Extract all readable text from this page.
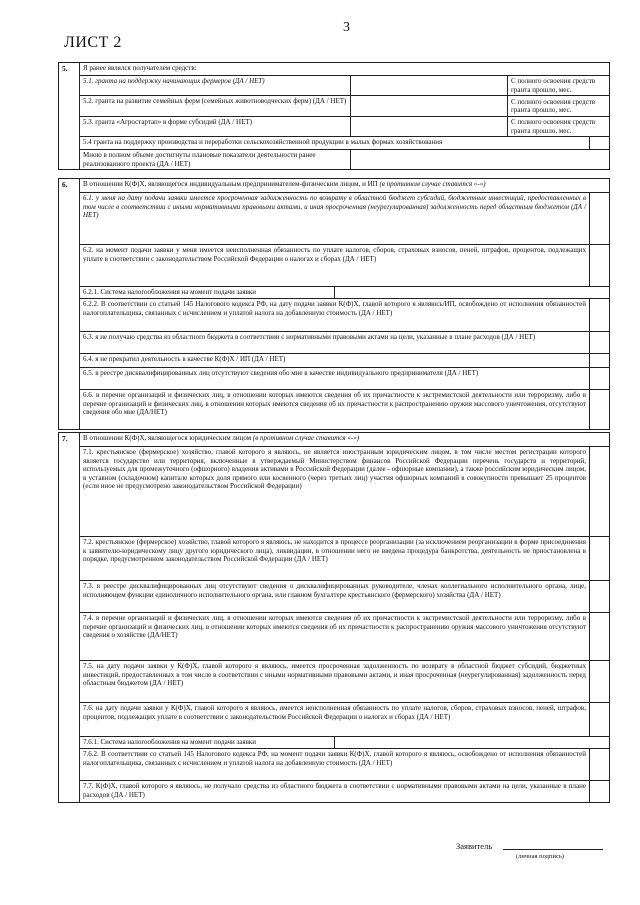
3
ЛИСТ 2
5.	Я ранее являлся получателем средств:			
	5.1. гранта на поддержку начинающих фермеров (ДА / НЕТ)		С полного освоения средств гранта прошло, мес.	
	5.2. гранта на развитие семейных ферм (семейных животноводческих ферм) (ДА / НЕТ)		С полного освоения средств гранта прошло, мес.	
	5.3. гранта «Агростартап» в форме субсидий (ДА / НЕТ)		С полного освоения средств гранта прошло, мес.	
	5.4 гранта на поддержку производства и переработки сельскохозяйственной продукции в малых формах хозяйствования			
	Мною в полном объеме достигнуты плановые показатели деятельности ранее реализованного проекта (ДА / НЕТ)			
6.	В отношении К(Ф)Х, являющегося индивидуальным предпринимателем-физическим лицом, и ИП (в противном случае ставится «-»)		
	6.1. у меня на дату подачи заявки имеется просроченная задолженность по возврату в областной бюджет субсидий, бюджетных инвестиций, предоставленных в том числе в соответствии с иными нормативными правовыми актами, и иная просроченная (неурегулированная) задолженность перед областным бюджетом (ДА / НЕТ)		
	6.2. на момент подачи заявки у меня имеется неисполненная обязанность по уплате налогов, сборов, страховых взносов, пеней, штрафов, процентов, подлежащих уплате в соответствии с законодательством Российской Федерации о налогах и сборах (ДА / НЕТ)		
	6.2.1. Система налогообложения на момент подачи заявки		
	6.2.2. В соответствии со статьей 145 Налогового кодекса РФ, на дату подачи заявки К(Ф)Х, главой которого я являюсь/ИП, освобождено от исполнения обязанностей налогоплательщика, связанных с исчислением и уплатой налога на добавленную стоимость (ДА / НЕТ)		
	6.3. я не получаю средства из областного бюджета в соответствии с нормативными правовыми актами на цели, указанные в плане расходов (ДА / НЕТ)		
	6.4. я не прекратил деятельность в качестве К(Ф)Х / ИП (ДА / НЕТ)		
	6.5. в реестре дисквалифицированных лиц отсутствуют сведения обо мне в качестве индивидуального предпринимателя (ДА / НЕТ)		
	6.6. в перечне организаций и физических лиц, в отношении которых имеются сведения об их причастности к экстремистской деятельности или терроризму, либо в перечне организаций и физических лиц, в отношении которых имеются сведения об их причастности к распространению оружия массового уничтожения, отсутствуют сведения обо мне (ДА/НЕТ)		
7.	В отношении К(Ф)Х, являющегося юридическим лицом (в противном случае ставится «-»)		
	7.1. крестьянское (фермерское) хозяйство, главой которого я являюсь, не является иностранным юридическим лицом, в том числе местом регистрации которого является государство или территория, включенные в утверждаемый Министерством финансов Российской Федерации перечень государств и территорий, используемых для промежуточного (офшорного) владения активами в Российской Федерации (далее - офшорные компании), а также российским юридическим лицом, в уставном (складочном) капитале которых доля прямого или косвенного (через третьих лиц) участия офшорных компаний в совокупности превышает 25 процентов (если иное не предусмотрено законодательством Российской Федерации)		
	7.2. крестьянское (фермерское) хозяйство, главой которого я являюсь, не находится в процессе реорганизации (за исключением реорганизации в форме присоединения к заявителю-юридическому лицу другого юридического лица), ликвидации, в отношении него не введена процедура банкротства, деятельность не приостановлена в порядке, предусмотренном законодательством Российской Федерации (ДА / НЕТ)		
	7.3. в реестре дисквалифицированных лиц отсутствуют сведения о дисквалифицированных руководителе, членах коллегиального исполнительного органа, лице, исполняющем функции единоличного исполнительного органа, или главном бухгалтере крестьянского (фермерского) хозяйства (ДА / НЕТ)		
	7.4. в перечне организаций и физических лиц, в отношении которых имеются сведения об их причастности к экстремистской деятельности или терроризму, либо в перечне организаций и физических лиц, в отношении которых имеются сведения об их причастности к распространению оружия массового уничтожения отсутствуют сведения о хозяйстве (ДА/НЕТ)		
	7.5. на дату подачи заявки у К(Ф)Х, главой которого я являюсь, имеется просроченная задолженность по возврату в областной бюджет субсидий, бюджетных инвестиций, предоставленных в том числе в соответствии с иными нормативными правовыми актами, и иная просроченная (неурегулированная) задолженность перед областным бюджетом (ДА / НЕТ)		
	7.6. на дату подачи заявки у К(Ф)Х, главой которого я являюсь, имеется неисполненная обязанность по уплате налогов, сборов, страховых взносов, пеней, штрафов, процентов, подлежащих уплате в соответствии с законодательством Российской Федерации о налогах и сборах (ДА / НЕТ)		
	7.6.1. Система налогообложения на момент подачи заявки		
	7.6.2. В соответствии со статьей 145 Налогового кодекса РФ, на момент подачи заявки К(Ф)Х, главой которого я являюсь, освобождено от исполнения обязанностей налогоплательщика, связанных с исчислением и уплатой налога на добавленную стоимость (ДА / НЕТ)		
	7.7. К(Ф)Х, главой которого я являюсь, не получало средства из областного бюджета в соответствии с нормативными правовыми актами на цели, указанные в плане расходов (ДА / НЕТ)		
Заявитель
(личная подпись)
